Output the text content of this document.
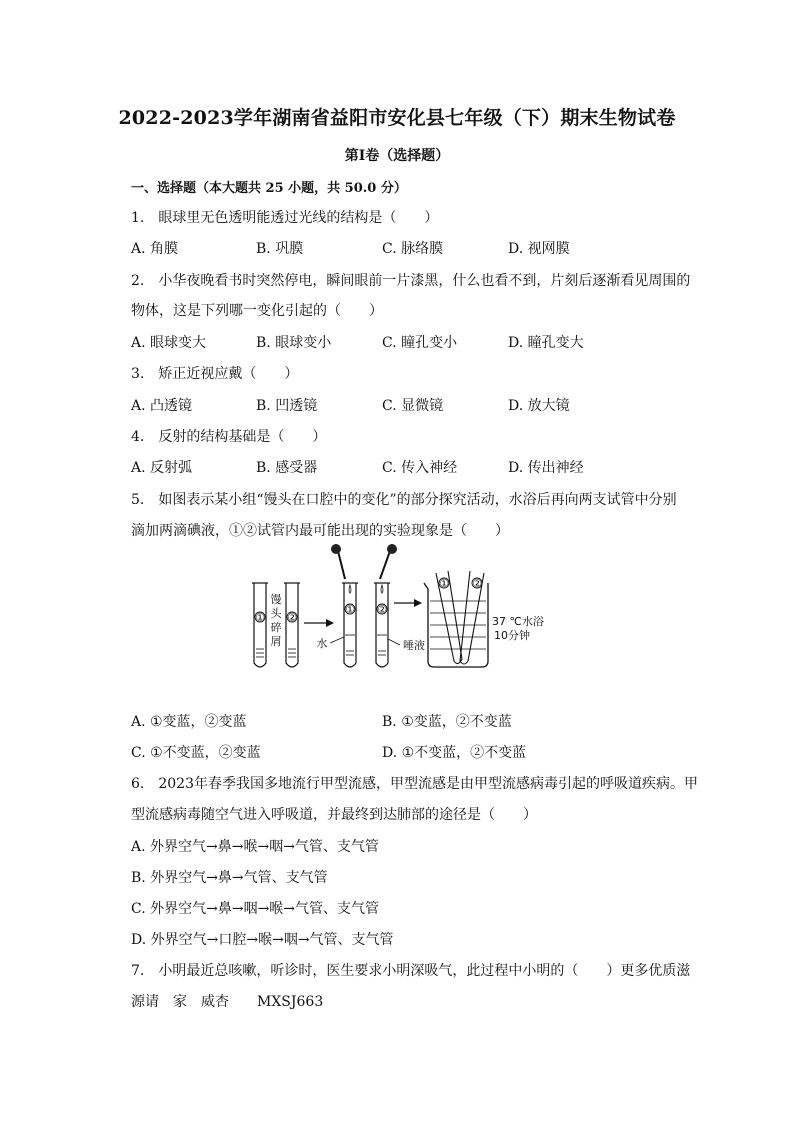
2022-2023学年湖南省益阳市安化县七年级（下）期末生物试卷
第I卷（选择题）
一、选择题（本大题共 25 小题，共 50.0 分）
1.　眼球里无色透明能透过光线的结构是（　　）
A. 角膜	B. 巩膜	C. 脉络膜	D. 视网膜
2.　小华夜晚看书时突然停电，瞬间眼前一片漆黑，什么也看不到，片刻后逐渐看见周围的
物体，这是下列哪一变化引起的（　　）
A. 眼球变大	B. 眼球变小	C. 瞳孔变小	D. 瞳孔变大
3.　矫正近视应戴（　　）
A. 凸透镜	B. 凹透镜	C. 显微镜	D. 放大镜
4.　反射的结构基础是（　　）
A. 反射弧	B. 感受器	C. 传入神经	D. 传出神经
5.　如图表示某小组“馒头在口腔中的变化”的部分探究活动，水浴后再向两支试管中分别
滴加两滴碘液，①②试管内最可能出现的实验现象是（　　）
① ②
馒
头
碎
屑
① ②
水	唾液
① ②
37 ℃水浴
10分钟
A. ①变蓝，②变蓝	B. ①变蓝，②不变蓝
C. ①不变蓝，②变蓝	D. ①不变蓝，②不变蓝
6.　2023年春季我国多地流行甲型流感，甲型流感是由甲型流感病毒引起的呼吸道疾病。甲
型流感病毒随空气进入呼吸道，并最终到达肺部的途径是（　　）
A. 外界空气→鼻→喉→咽→气管、支气管
B. 外界空气→鼻→气管、支气管
C. 外界空气→鼻→咽→喉→气管、支气管
D. 外界空气→口腔→喉→咽→气管、支气管
7.　小明最近总咳嗽，听诊时，医生要求小明深吸气，此过程中小明的（　　）更多优质滋
源请　家　威杏　　MXSJ663
